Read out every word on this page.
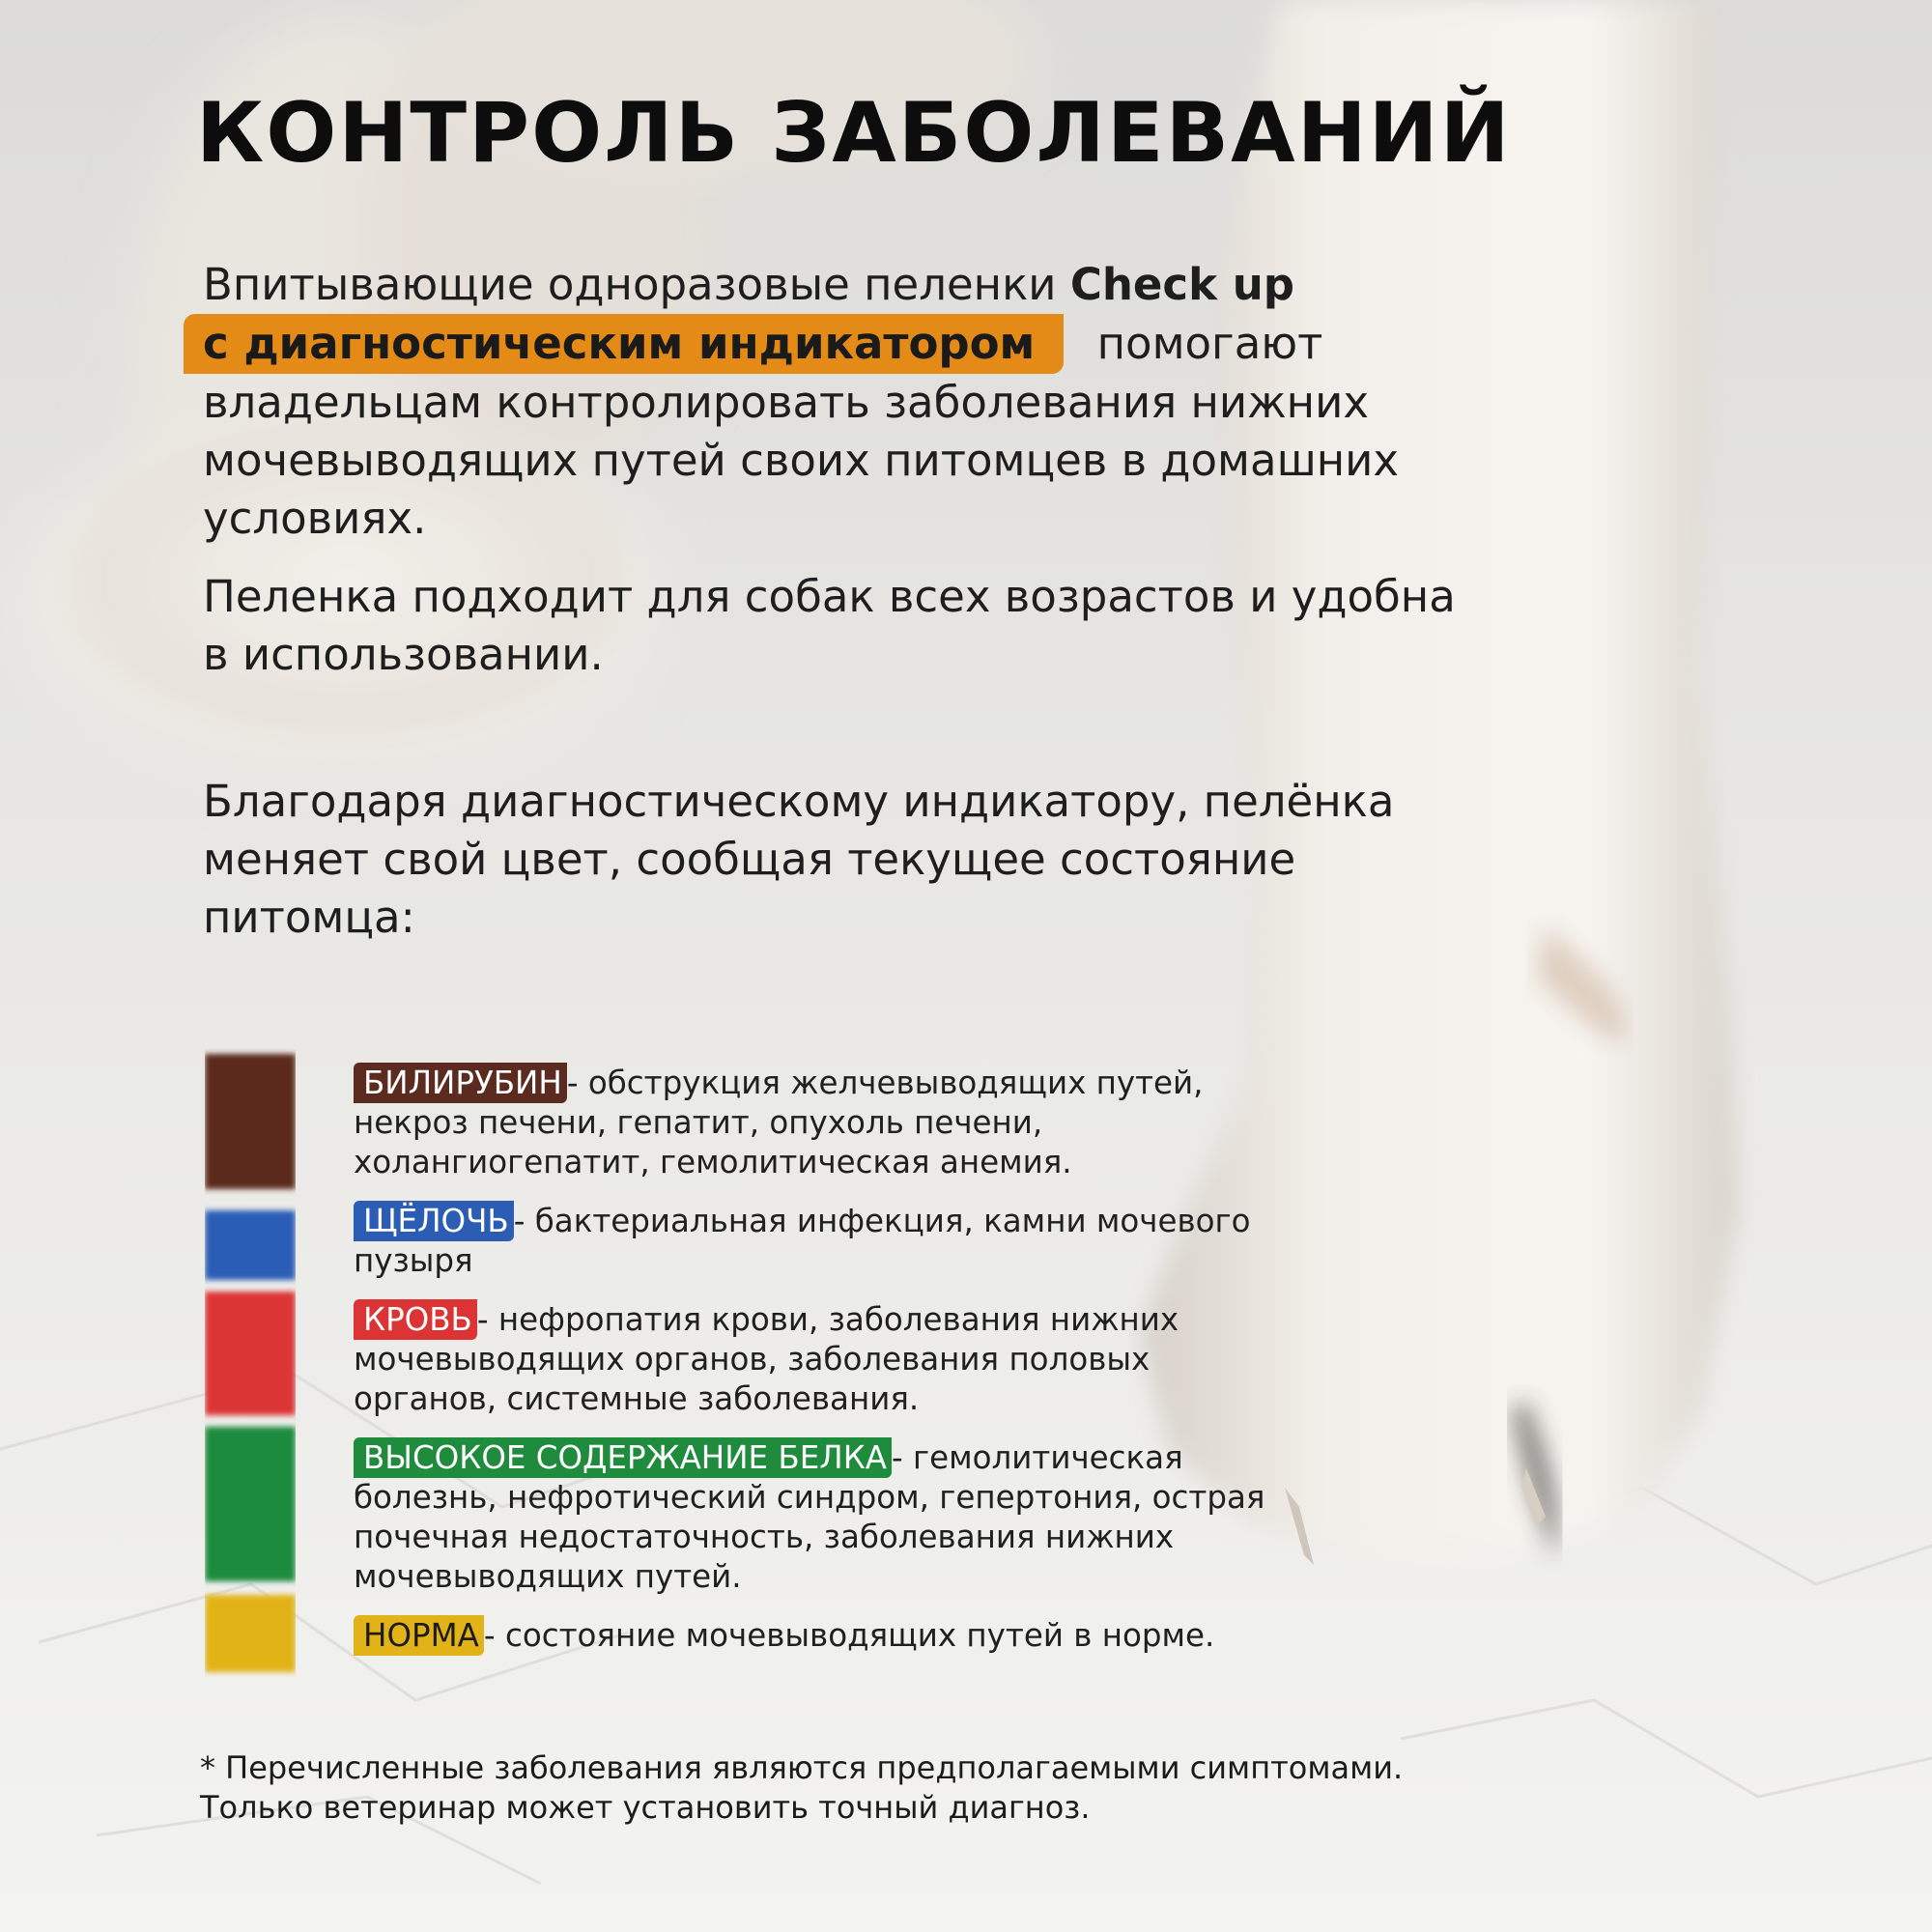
КОНТРОЛЬ ЗАБОЛЕВАНИЙ
Впитывающие одноразовые пеленки Check up
с диагностическим индикатором помогают владельцам контролировать заболевания нижних мочевыводящих путей своих питомцев в домашних условиях.
Пеленка подходит для собак всех возрастов и удобна в использовании.
Благодаря диагностическому индикатору, пелёнка меняет свой цвет, сообщая текущее состояние питомца:
БИЛИРУБИН - обструкция желчевыводящих путей, некроз печени, гепатит, опухоль печени, холангиогепатит, гемолитическая анемия.
ЩЁЛОЧЬ - бактериальная инфекция, камни мочевого пузыря
КРОВЬ - нефропатия крови, заболевания нижних мочевыводящих органов, заболевания половых органов, системные заболевания.
ВЫСОКОЕ СОДЕРЖАНИЕ БЕЛКА - гемолитическая болезнь, нефротический синдром, гепертония, острая почечная недостаточность, заболевания нижних мочевыводящих путей.
НОРМА - состояние мочевыводящих путей в норме.
* Перечисленные заболевания являются предполагаемыми симптомами.
Только ветеринар может установить точный диагноз.
